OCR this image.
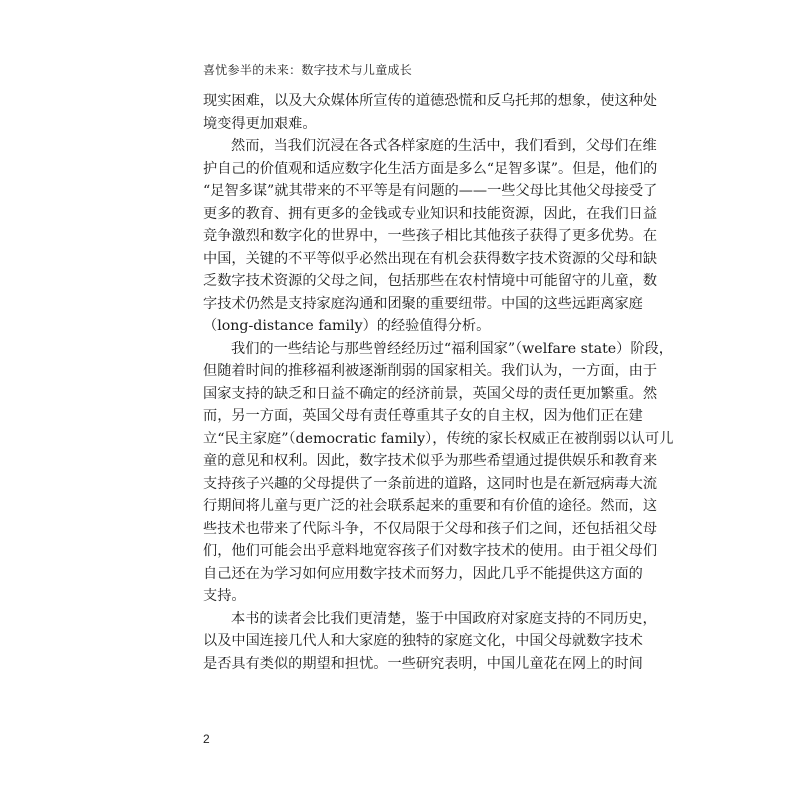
喜忧参半的未来：数字技术与儿童成长
现实困难，以及大众媒体所宣传的道德恐慌和反乌托邦的想象，使这种处
境变得更加艰难。
然而，当我们沉浸在各式各样家庭的生活中，我们看到，父母们在维
护自己的价值观和适应数字化生活方面是多么“足智多谋”。但是，他们的
“足智多谋”就其带来的不平等是有问题的——一些父母比其他父母接受了
更多的教育、拥有更多的金钱或专业知识和技能资源，因此，在我们日益
竞争激烈和数字化的世界中，一些孩子相比其他孩子获得了更多优势。在
中国，关键的不平等似乎必然出现在有机会获得数字技术资源的父母和缺
乏数字技术资源的父母之间，包括那些在农村情境中可能留守的儿童，数
字技术仍然是支持家庭沟通和团聚的重要纽带。中国的这些远距离家庭
（long-distance family）的经验值得分析。
我们的一些结论与那些曾经经历过“福利国家”（welfare state）阶段，
但随着时间的推移福利被逐渐削弱的国家相关。我们认为，一方面，由于
国家支持的缺乏和日益不确定的经济前景，英国父母的责任更加繁重。然
而，另一方面，英国父母有责任尊重其子女的自主权，因为他们正在建
立“民主家庭”（democratic family），传统的家长权威正在被削弱以认可儿
童的意见和权利。因此，数字技术似乎为那些希望通过提供娱乐和教育来
支持孩子兴趣的父母提供了一条前进的道路，这同时也是在新冠病毒大流
行期间将儿童与更广泛的社会联系起来的重要和有价值的途径。然而，这
些技术也带来了代际斗争，不仅局限于父母和孩子们之间，还包括祖父母
们，他们可能会出乎意料地宽容孩子们对数字技术的使用。由于祖父母们
自己还在为学习如何应用数字技术而努力，因此几乎不能提供这方面的
支持。
本书的读者会比我们更清楚，鉴于中国政府对家庭支持的不同历史，
以及中国连接几代人和大家庭的独特的家庭文化，中国父母就数字技术
是否具有类似的期望和担忧。一些研究表明，中国儿童花在网上的时间
2
